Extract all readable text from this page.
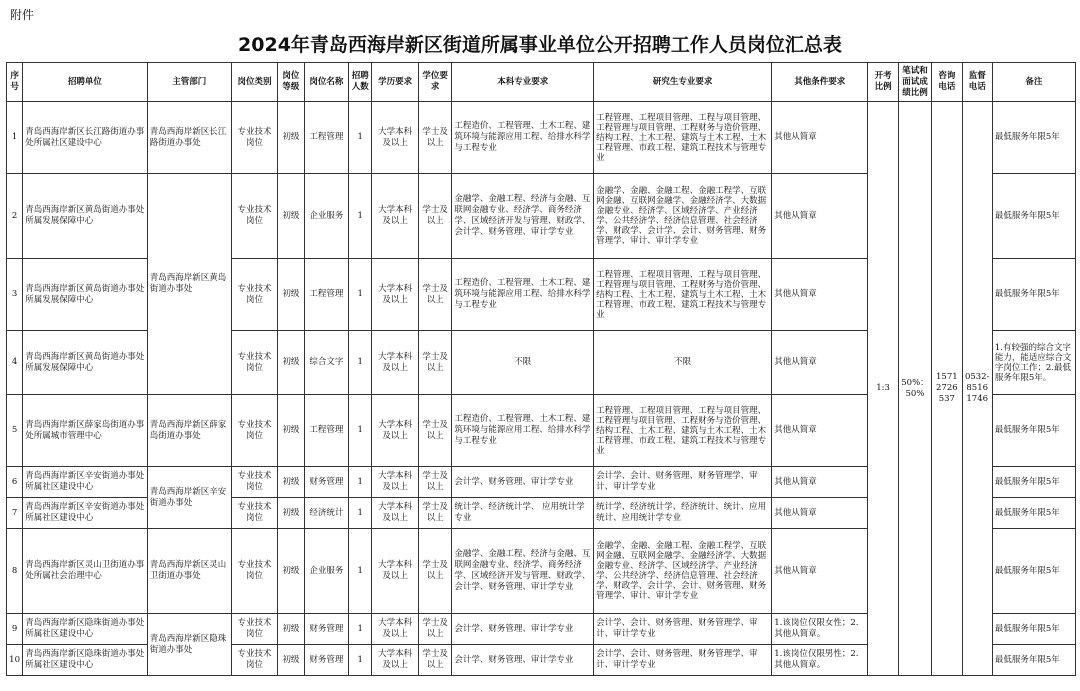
附件
2024年青岛西海岸新区街道所属事业单位公开招聘工作人员岗位汇总表
序号	招聘单位	主管部门	岗位类别	岗位等级	岗位名称	招聘人数	学历要求	学位要求	本科专业要求	研究生专业要求	其他条件要求	开考比例	笔试和面试成绩比例	咨询电话	监督电话	备注
1	青岛西海岸新区长江路街道办事处所属社区建设中心	青岛西海岸新区长江路街道办事处	专业技术岗位	初级	工程管理	1	大学本科及以上	学士及以上	工程造价、工程管理、土木工程、建筑环境与能源应用工程、给排水科学与工程专业	工程管理、工程项目管理、工程与项目管理、工程管理与项目管理、工程财务与造价管理、结构工程、土木工程、建筑与土木工程、土木工程管理、市政工程、建筑工程技术与管理专业	其他从简章	1:3	50%：50%	15712726537	0532-85161746	最低服务年限5年
2	青岛西海岸新区黄岛街道办事处所属发展保障中心	青岛西海岸新区黄岛街道办事处	专业技术岗位	初级	企业服务	1	大学本科及以上	学士及以上	金融学、金融工程、经济与金融、互联网金融专业、经济学、商务经济学、区域经济开发与管理、财政学、会计学、财务管理、审计学专业	金融学、金融、金融工程、金融工程学、互联网金融、互联网金融学、金融经济学、大数据金融专业、经济学、区域经济学、产业经济学、公共经济学、经济信息管理、社会经济学、财政学、会计学、会计、财务管理、财务管理学、审计、审计学专业	其他从简章					最低服务年限5年
3	青岛西海岸新区黄岛街道办事处所属发展保障中心		专业技术岗位	初级	工程管理	1	大学本科及以上	学士及以上	工程造价、工程管理、土木工程、建筑环境与能源应用工程、给排水科学与工程专业	工程管理、工程项目管理、工程与项目管理、工程管理与项目管理、工程财务与造价管理、结构工程、土木工程、建筑与土木工程、土木工程管理、市政工程、建筑工程技术与管理专业	其他从简章					最低服务年限5年
4	青岛西海岸新区黄岛街道办事处所属发展保障中心		专业技术岗位	初级	综合文字	1	大学本科及以上	学士及以上	不限	不限	其他从简章					1.有较强的综合文字能力，能适应综合文字岗位工作；2.最低服务年限5年。
5	青岛西海岸新区薛家岛街道办事处所属城市管理中心	青岛西海岸新区薛家岛街道办事处	专业技术岗位	初级	工程管理	1	大学本科及以上	学士及以上	工程造价、工程管理、土木工程、建筑环境与能源应用工程、给排水科学与工程专业	工程管理、工程项目管理、工程与项目管理、工程管理与项目管理、工程财务与造价管理、结构工程、土木工程、建筑与土木工程、土木工程管理、市政工程、建筑工程技术与管理专业	其他从简章					最低服务年限5年
6	青岛西海岸新区辛安街道办事处所属社区建设中心	青岛西海岸新区辛安街道办事处	专业技术岗位	初级	财务管理	1	大学本科及以上	学士及以上	会计学、财务管理、审计学专业	会计学、会计、财务管理、财务管理学、审计、审计学专业	其他从简章					最低服务年限5年
7	青岛西海岸新区辛安街道办事处所属社区建设中心		专业技术岗位	初级	经济统计	1	大学本科及以上	学士及以上	统计学、经济统计学、 应用统计学专业	统计学、经济统计学、经济统计、统计、应用统计、应用统计学专业	其他从简章					最低服务年限5年
8	青岛西海岸新区灵山卫街道办事处所属社会治理中心	青岛西海岸新区灵山卫街道办事处	专业技术岗位	初级	企业服务	1	大学本科及以上	学士及以上	金融学、金融工程、经济与金融、互联网金融专业、经济学、商务经济学、区域经济开发与管理、财政学、会计学、财务管理、审计学专业	金融学、金融、金融工程、金融工程学、互联网金融、互联网金融学、金融经济学、大数据金融专业、经济学、区域经济学、产业经济学、公共经济学、经济信息管理、社会经济学、财政学、会计学、会计、财务管理、财务管理学、审计、审计学专业	其他从简章					最低服务年限5年
9	青岛西海岸新区隐珠街道办事处所属社区建设中心	青岛西海岸新区隐珠街道办事处	专业技术岗位	初级	财务管理	1	大学本科及以上	学士及以上	会计学、财务管理、审计学专业	会计学、会计、财务管理、财务管理学、审计、审计学专业	1.该岗位仅限女性；2.其他从简章。					最低服务年限5年
10	青岛西海岸新区隐珠街道办事处所属社区建设中心		专业技术岗位	初级	财务管理	1	大学本科及以上	学士及以上	会计学、财务管理、审计学专业	会计学、会计、财务管理、财务管理学、审计、审计学专业	1.该岗位仅限男性；2.其他从简章。					最低服务年限5年
